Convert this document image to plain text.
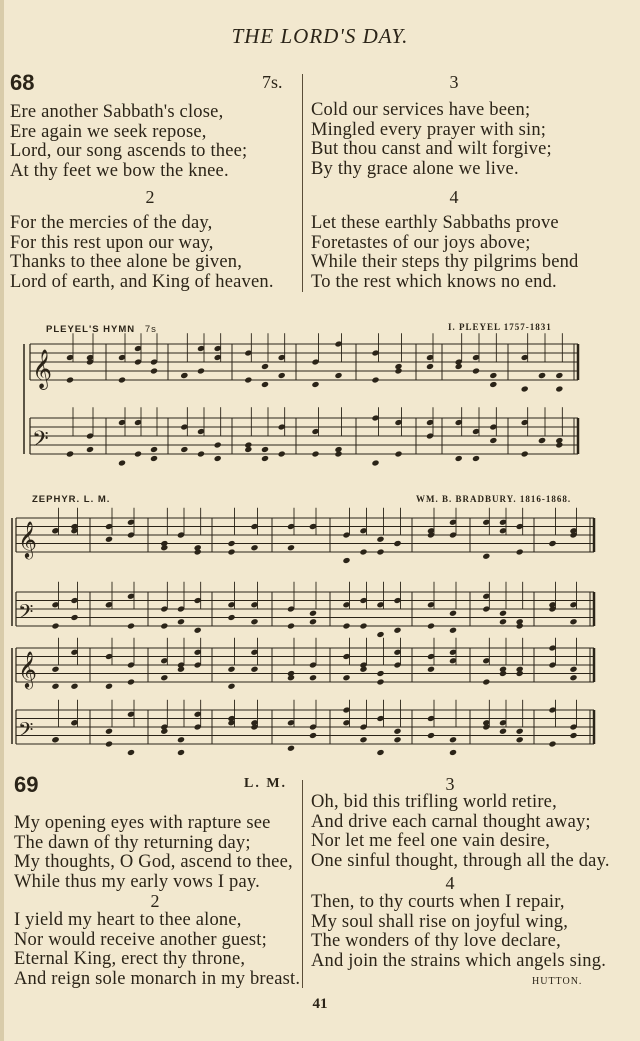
THE LORD'S DAY.
68	7s.
Ere another Sabbath's close,
Ere again we seek repose,
Lord, our song ascends to thee;
At thy feet we bow the knee.
2
For the mercies of the day,
For this rest upon our way,
Thanks to thee alone be given,
Lord of earth, and King of heaven.
3
Cold our services have been;
Mingled every prayer with sin;
But thou canst and wilt forgive;
By thy grace alone we live.
4
Let these earthly Sabbaths prove
Foretastes of our joys above;
While their steps thy pilgrims bend
To the rest which knows no end.
PLEYEL'S HYMN 7s	I. PLEYEL 1757-1831
𝄞
𝄢
𝄞
𝄢
𝄞
𝄢
ZEPHYR. L. M.	WM. B. BRADBURY. 1816-1868.
69	L. M.
My opening eyes with rapture see
The dawn of thy returning day;
My thoughts, O God, ascend to thee,
While thus my early vows I pay.
2
I yield my heart to thee alone,
Nor would receive another guest;
Eternal King, erect thy throne,
And reign sole monarch in my breast.
3
Oh, bid this trifling world retire,
And drive each carnal thought away;
Nor let me feel one vain desire,
One sinful thought, through all the day.
4
Then, to thy courts when I repair,
My soul shall rise on joyful wing,
The wonders of thy love declare,
And join the strains which angels sing.
HUTTON.
41
